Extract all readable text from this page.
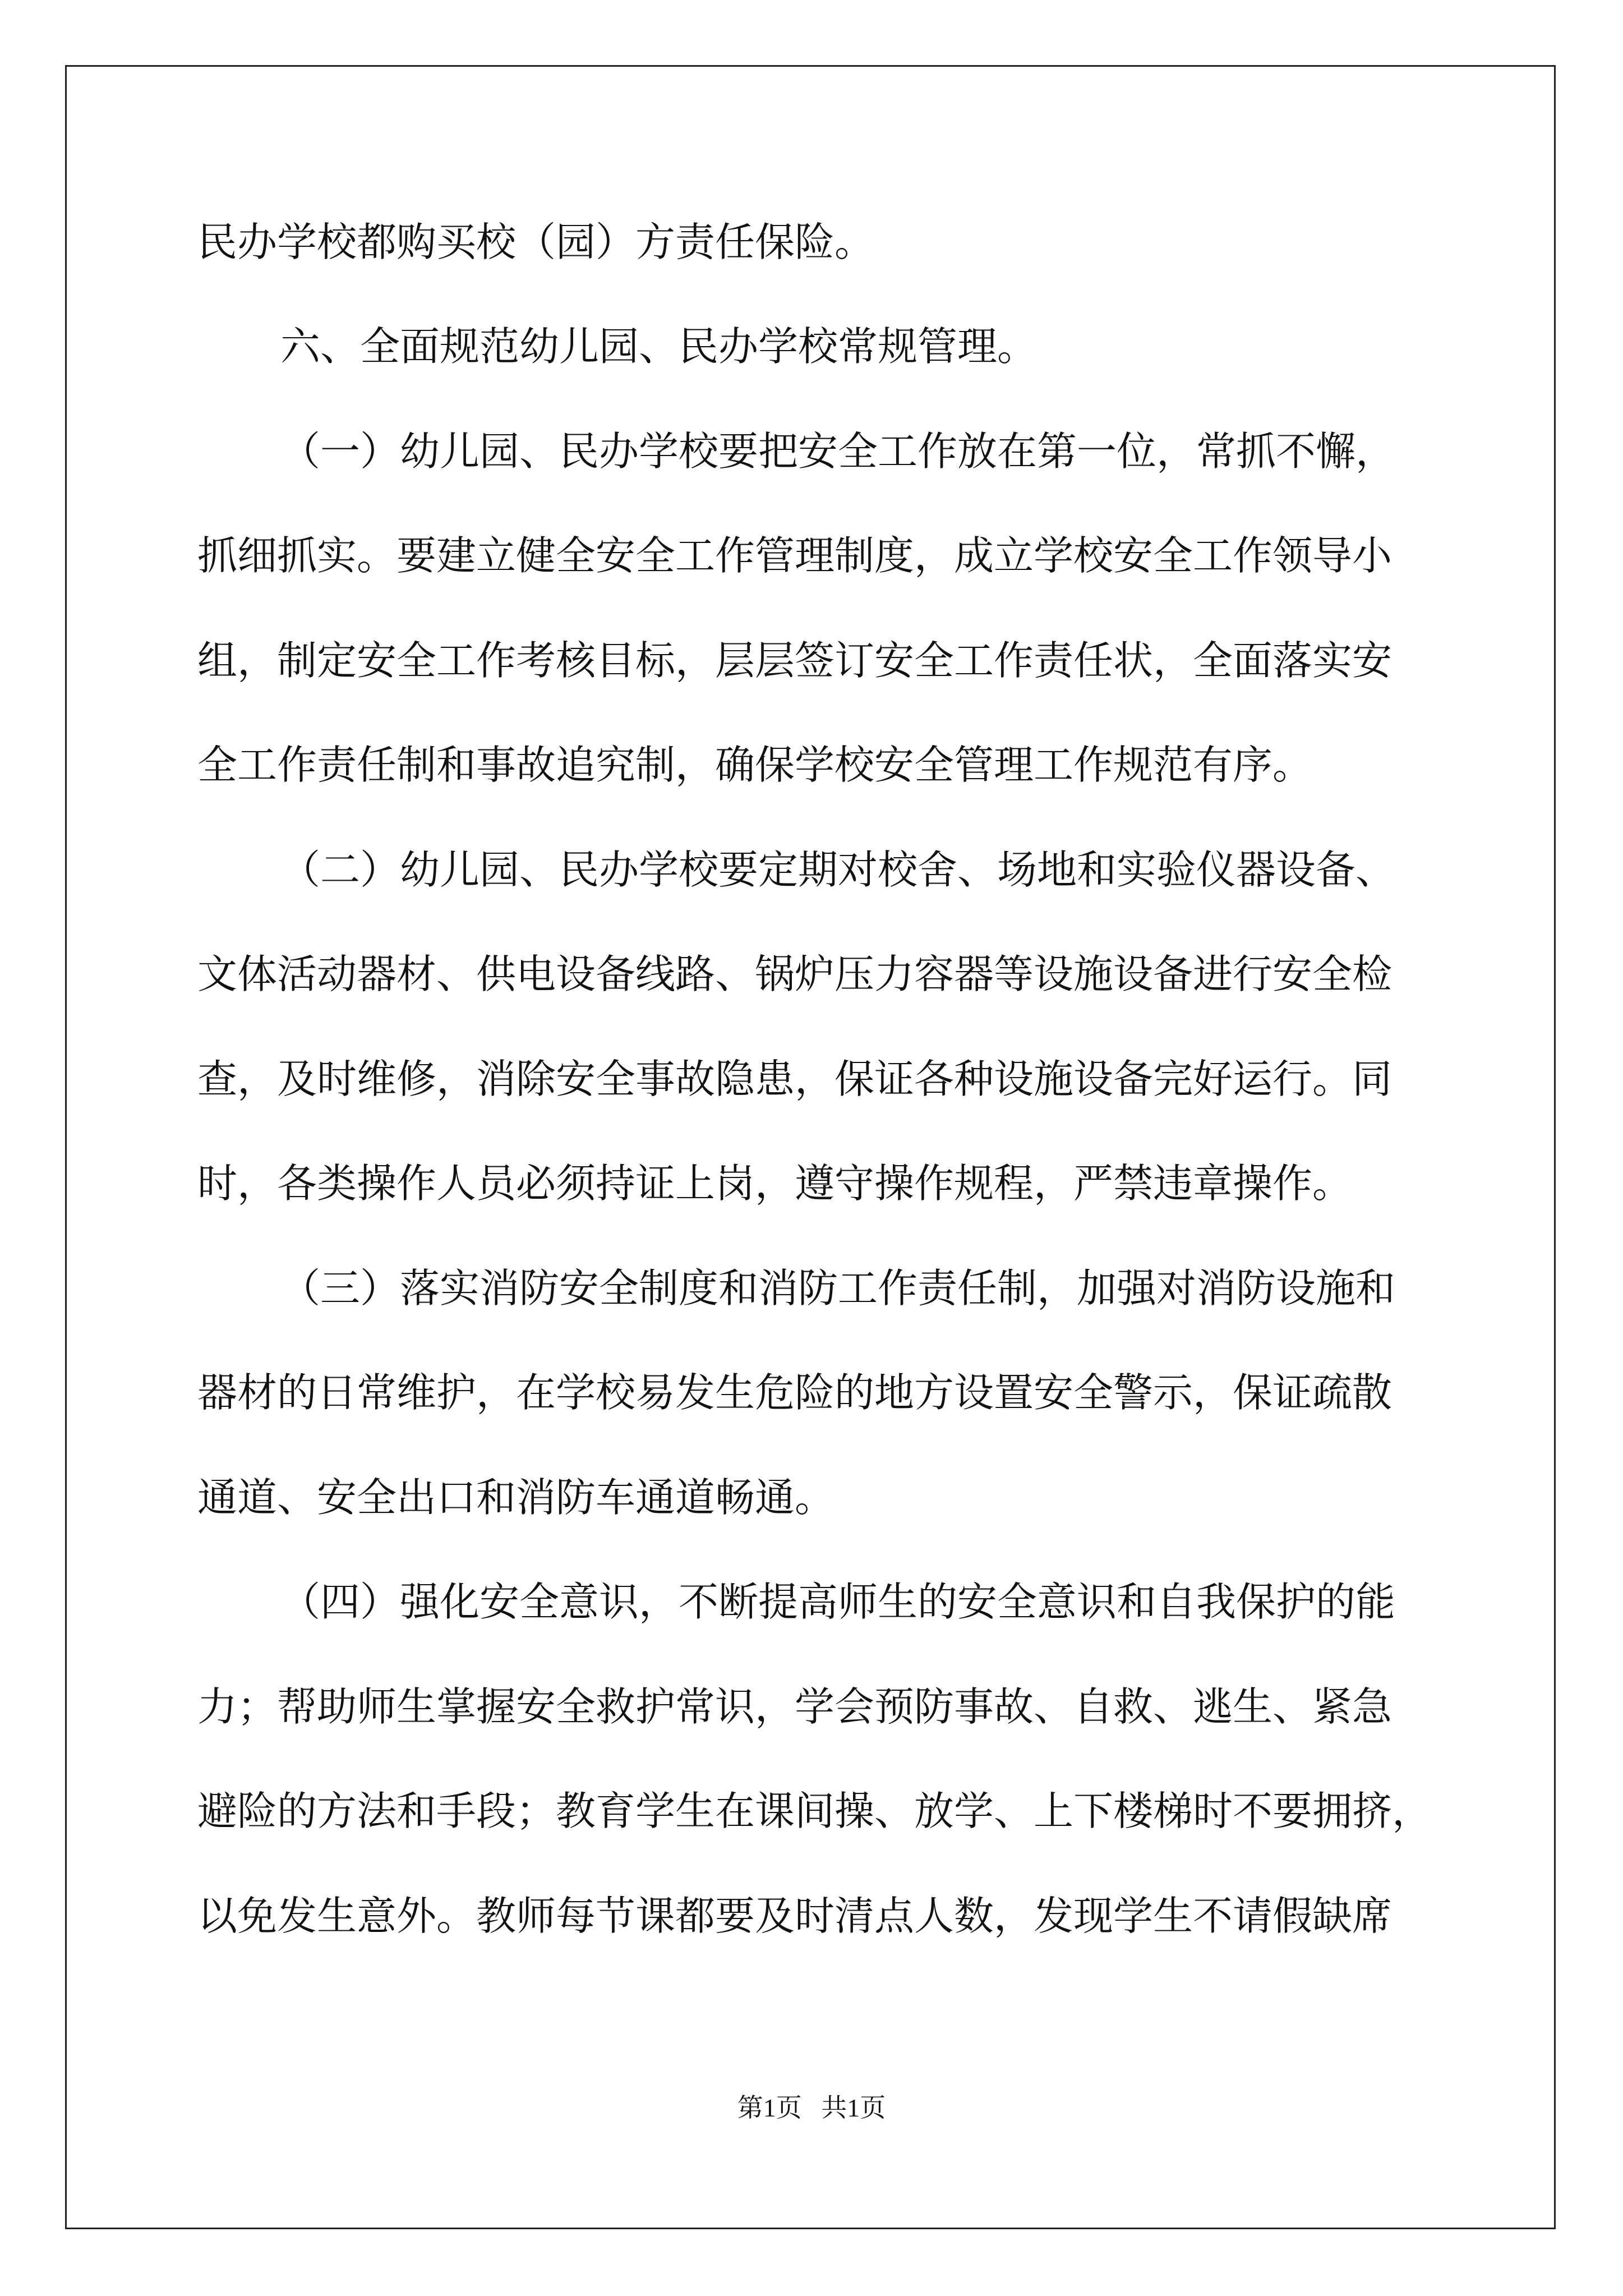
民办学校都购买校（园）方责任保险。

六、全面规范幼儿园、民办学校常规管理。

（一）幼儿园、民办学校要把安全工作放在第一位，常抓不懈，

抓细抓实。要建立健全安全工作管理制度，成立学校安全工作领导小

组，制定安全工作考核目标，层层签订安全工作责任状，全面落实安

全工作责任制和事故追究制，确保学校安全管理工作规范有序。

（二）幼儿园、民办学校要定期对校舍、场地和实验仪器设备、

文体活动器材、供电设备线路、锅炉压力容器等设施设备进行安全检

查，及时维修，消除安全事故隐患，保证各种设施设备完好运行。同

时，各类操作人员必须持证上岗，遵守操作规程，严禁违章操作。

（三）落实消防安全制度和消防工作责任制，加强对消防设施和

器材的日常维护，在学校易发生危险的地方设置安全警示，保证疏散

通道、安全出口和消防车通道畅通。

（四）强化安全意识，不断提高师生的安全意识和自我保护的能

力；帮助师生掌握安全救护常识，学会预防事故、自救、逃生、紧急

避险的方法和手段；教育学生在课间操、放学、上下楼梯时不要拥挤，

以免发生意外。教师每节课都要及时清点人数，发现学生不请假缺席

第1页   共1页
